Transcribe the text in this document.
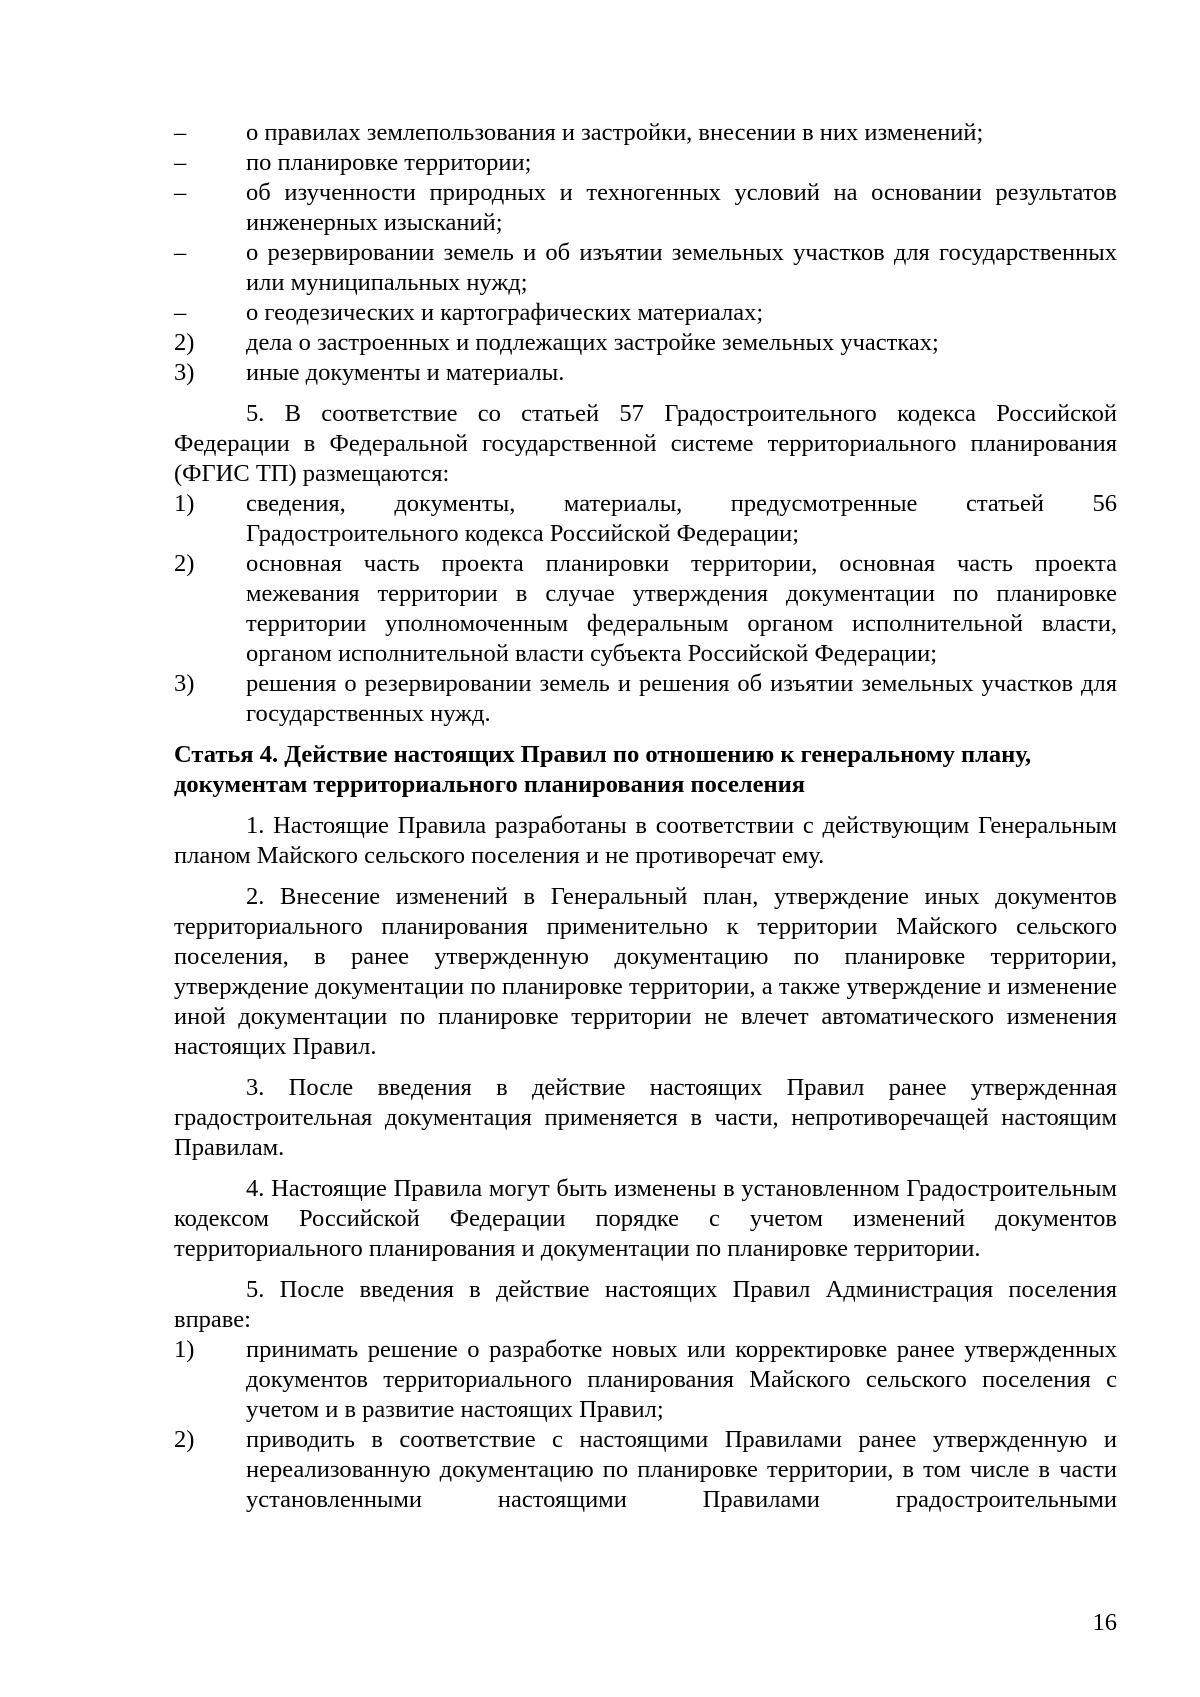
–	о правилах землепользования и застройки, внесении в них изменений;
–	по планировке территории;
–	об изученности природных и техногенных условий на основании результатов инженерных изысканий;
–	о резервировании земель и об изъятии земельных участков для государственных или муниципальных нужд;
–	о геодезических и картографических материалах;
2)	дела о застроенных и подлежащих застройке земельных участках;
3)	иные документы и материалы.

5. В соответствие со статьей 57 Градостроительного кодекса Российской Федерации в Федеральной государственной системе территориального планирования (ФГИС ТП) размещаются:

1)	сведения, документы, материалы, предусмотренные статьей 56 Градостроительного кодекса Российской Федерации;
2)	основная часть проекта планировки территории, основная часть проекта межевания территории в случае утверждения документации по планировке территории уполномоченным федеральным органом исполнительной власти, органом исполнительной власти субъекта Российской Федерации;
3)	решения о резервировании земель и решения об изъятии земельных участков для государственных нужд.
Статья 4. Действие настоящих Правил по отношению к генеральному плану, документам территориального планирования поселения

1. Настоящие Правила разработаны в соответствии с действующим Генеральным планом Майского сельского поселения и не противоречат ему.

2. Внесение изменений в Генеральный план, утверждение иных документов территориального планирования применительно к территории Майского сельского поселения, в ранее утвержденную документацию по планировке территории, утверждение документации по планировке территории, а также утверждение и изменение иной документации по планировке территории не влечет автоматического изменения настоящих Правил.

3. После введения в действие настоящих Правил ранее утвержденная градостроительная документация применяется в части, непротиворечащей настоящим Правилам.

4. Настоящие Правила могут быть изменены в установленном Градостроительным кодексом Российской Федерации порядке с учетом изменений документов территориального планирования и документации по планировке территории.

5. После введения в действие настоящих Правил Администрация поселения вправе:

1)	принимать решение о разработке новых или корректировке ранее утвержденных документов территориального планирования Майского сельского поселения с учетом и в развитие настоящих Правил;
2)	приводить в соответствие с настоящими Правилами ранее утвержденную и нереализованную документацию по планировке территории, в том числе в части установленными настоящими Правилами градостроительными
16
